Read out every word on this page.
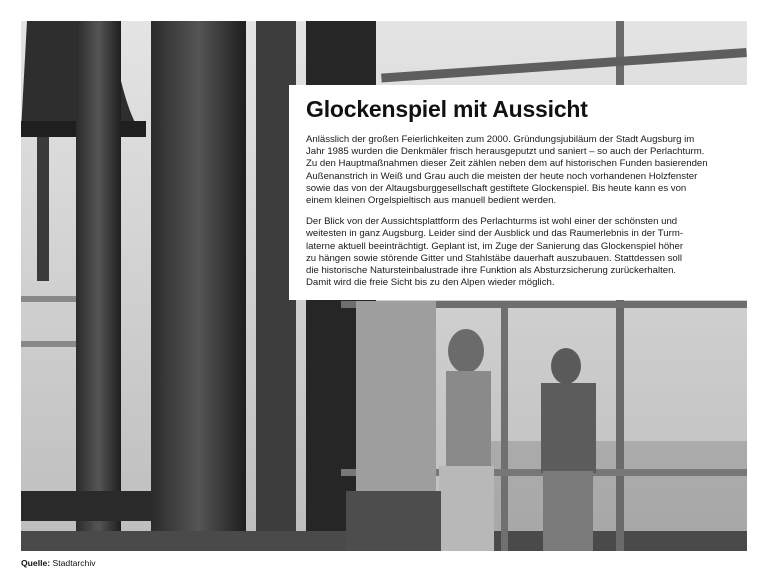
Glockenspiel mit Aussicht

Anlässlich der großen Feierlichkeiten zum 2000. Gründungsjubiläum der Stadt Augsburg im
Jahr 1985 wurden die Denkmäler frisch herausgeputzt und saniert – so auch der Perlachturm.
Zu den Hauptmaßnahmen dieser Zeit zählen neben dem auf historischen Funden basierenden
Außenanstrich in Weiß und Grau auch die meisten der heute noch vorhandenen Holzfenster
sowie das von der Altaugsburggesellschaft gestiftete Glockenspiel. Bis heute kann es von
einem kleinen Orgelspieltisch aus manuell bedient werden.

Der Blick von der Aussichtsplattform des Perlachturms ist wohl einer der schönsten und
weitesten in ganz Augsburg. Leider sind der Ausblick und das Raumerlebnis in der Turm-
laterne aktuell beeinträchtigt. Geplant ist, im Zuge der Sanierung das Glockenspiel höher
zu hängen sowie störende Gitter und Stahlstäbe dauerhaft auszubauen. Stattdessen soll
die historische Natursteinbalustrade ihre Funktion als Absturzsicherung zurückerhalten.
Damit wird die freie Sicht bis zu den Alpen wieder möglich.

Quelle: Stadtarchiv
